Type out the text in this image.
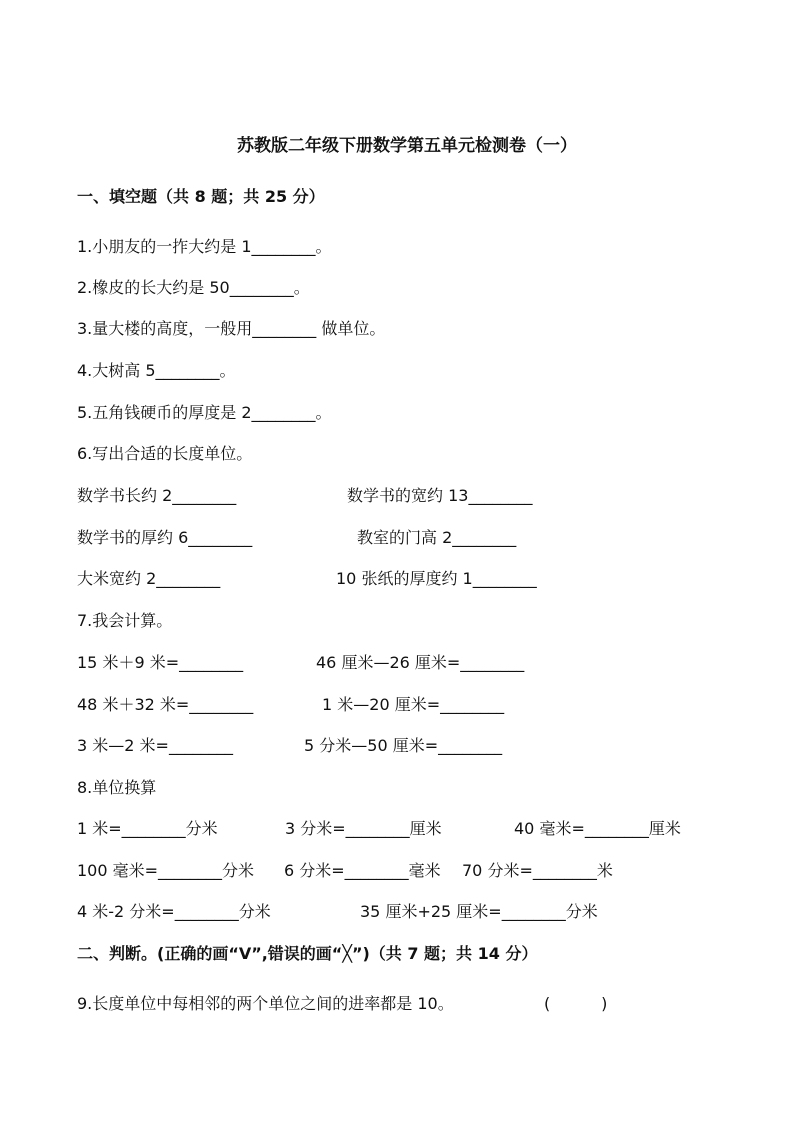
苏教版二年级下册数学第五单元检测卷（一）
一、填空题（共 8 题；共 25 分）
1.小朋友的一拃大约是 1________。
2.橡皮的长大约是 50________。
3.量大楼的高度，一般用________ 做单位。
4.大树高 5________。
5.五角钱硬币的厚度是 2________。
6.写出合适的长度单位。
数学书长约 2________	数学书的宽约 13________
数学书的厚约 6________	教室的门高 2________
大米宽约 2________	10 张纸的厚度约 1________
7.我会计算。
15 米＋9 米=________	46 厘米—26 厘米=________
48 米＋32 米=________	1 米—20 厘米=________
3 米—2 米=________	5 分米—50 厘米=________
8.单位换算
1 米=________分米	3 分米=________厘米	40 毫米=________厘米
100 毫米=________分米 6 分米=________毫米 70 分米=________米
4 米-2 分米=________分米	35 厘米+25 厘米=________分米
二、判断。(正确的画“V”,错误的画“╳”)（共 7 题；共 14 分）
9.长度单位中每相邻的两个单位之间的进率都是 10。	(          )
